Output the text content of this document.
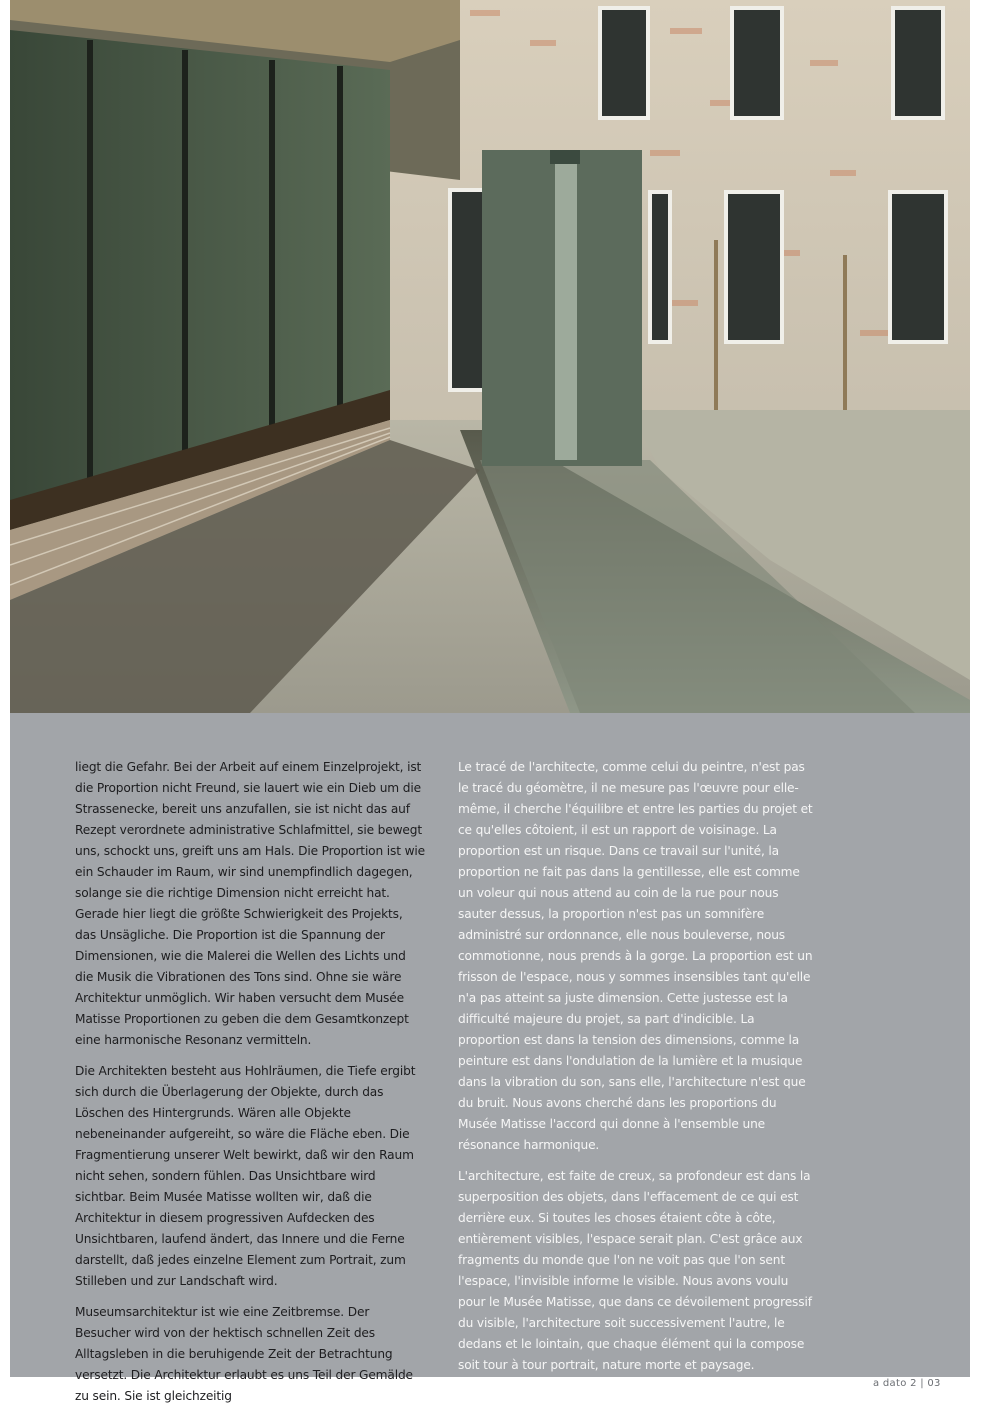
liegt die Gefahr. Bei der Arbeit auf einem Einzelprojekt, ist die Proportion nicht Freund, sie lauert wie ein Dieb um die Strassenecke, bereit uns anzufallen, sie ist nicht das auf Rezept verordnete administrative Schlafmittel, sie bewegt uns, schockt uns, greift uns am Hals. Die Proportion ist wie ein Schauder im Raum, wir sind unempfindlich dagegen, solange sie die richtige Dimension nicht erreicht hat. Gerade hier liegt die größte Schwierigkeit des Projekts, das Unsägliche. Die Proportion ist die Spannung der Dimensionen, wie die Malerei die Wellen des Lichts und die Musik die Vibrationen des Tons sind. Ohne sie wäre Architektur unmöglich. Wir haben versucht dem Musée Matisse Proportionen zu geben die dem Gesamtkonzept eine harmonische Resonanz vermitteln.

Die Architekten besteht aus Hohlräumen, die Tiefe ergibt sich durch die Überlagerung der Objekte, durch das Löschen des Hintergrunds. Wären alle Objekte nebeneinander aufgereiht, so wäre die Fläche eben. Die Fragmentierung unserer Welt bewirkt, daß wir den Raum nicht sehen, sondern fühlen. Das Unsichtbare wird sichtbar. Beim Musée Matisse wollten wir, daß die Architektur in diesem progressiven Aufdecken des Unsichtbaren, laufend ändert, das Innere und die Ferne darstellt, daß jedes einzelne Element zum Portrait, zum Stilleben und zur Landschaft wird.

Museumsarchitektur ist wie eine Zeitbremse. Der Besucher wird von der hektisch schnellen Zeit des Alltagsleben in die beruhigende Zeit der Betrachtung versetzt. Die Architektur erlaubt es uns Teil der Gemälde zu sein. Sie ist gleichzeitig

Le tracé de l'architecte, comme celui du peintre, n'est pas le tracé du géomètre, il ne mesure pas l'œuvre pour elle-même, il cherche l'équilibre et entre les parties du projet et ce qu'elles côtoient, il est un rapport de voisinage. La proportion est un risque. Dans ce travail sur l'unité, la proportion ne fait pas dans la gentillesse, elle est comme un voleur qui nous attend au coin de la rue pour nous sauter dessus, la proportion n'est pas un somnifère administré sur ordonnance, elle nous bouleverse, nous commotionne, nous prends à la gorge. La proportion est un frisson de l'espace, nous y sommes insensibles tant qu'elle n'a pas atteint sa juste dimension. Cette justesse est la difficulté majeure du projet, sa part d'indicible. La proportion est dans la tension des dimensions, comme la peinture est dans l'ondulation de la lumière et la musique dans la vibration du son, sans elle, l'architecture n'est que du bruit. Nous avons cherché dans les proportions du Musée Matisse l'accord qui donne à l'ensemble une résonance harmonique.

L'architecture, est faite de creux, sa profondeur est dans la superposition des objets, dans l'effacement de ce qui est derrière eux. Si toutes les choses étaient côte à côte, entièrement visibles, l'espace serait plan. C'est grâce aux fragments du monde que l'on ne voit pas que l'on sent l'espace, l'invisible informe le visible. Nous avons voulu pour le Musée Matisse, que dans ce dévoilement progressif du visible, l'architecture soit successivement l'autre, le dedans et le lointain, que chaque élément qui la compose soit tour à tour portrait, nature morte et paysage.

a dato 2 | 03
